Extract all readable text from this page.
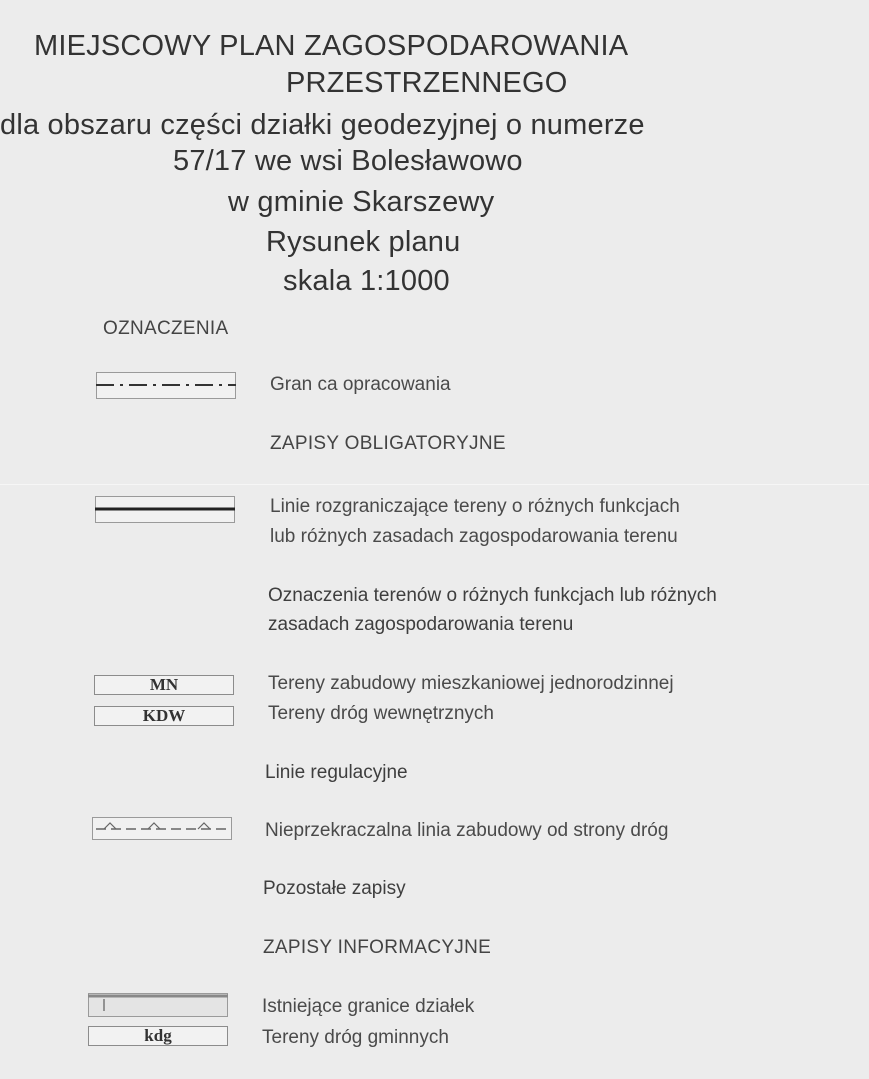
MIEJSCOWY PLAN ZAGOSPODAROWANIA
PRZESTRZENNEGO
dla obszaru części działki geodezyjnej o numerze
57/17 we wsi Bolesławowo
w gminie Skarszewy
Rysunek planu
skala 1:1000
OZNACZENIA
Gran ca opracowania
ZAPISY OBLIGATORYJNE
Linie rozgraniczające tereny o różnych funkcjach
lub różnych zasadach zagospodarowania terenu
Oznaczenia terenów o różnych funkcjach lub różnych
zasadach zagospodarowania terenu
MN
KDW
Tereny zabudowy mieszkaniowej jednorodzinnej
Tereny dróg wewnętrznych
Linie regulacyjne
Nieprzekraczalna linia zabudowy od strony dróg
Pozostałe zapisy
ZAPISY INFORMACYJNE
kdg
Istniejące granice działek
Tereny dróg gminnych
